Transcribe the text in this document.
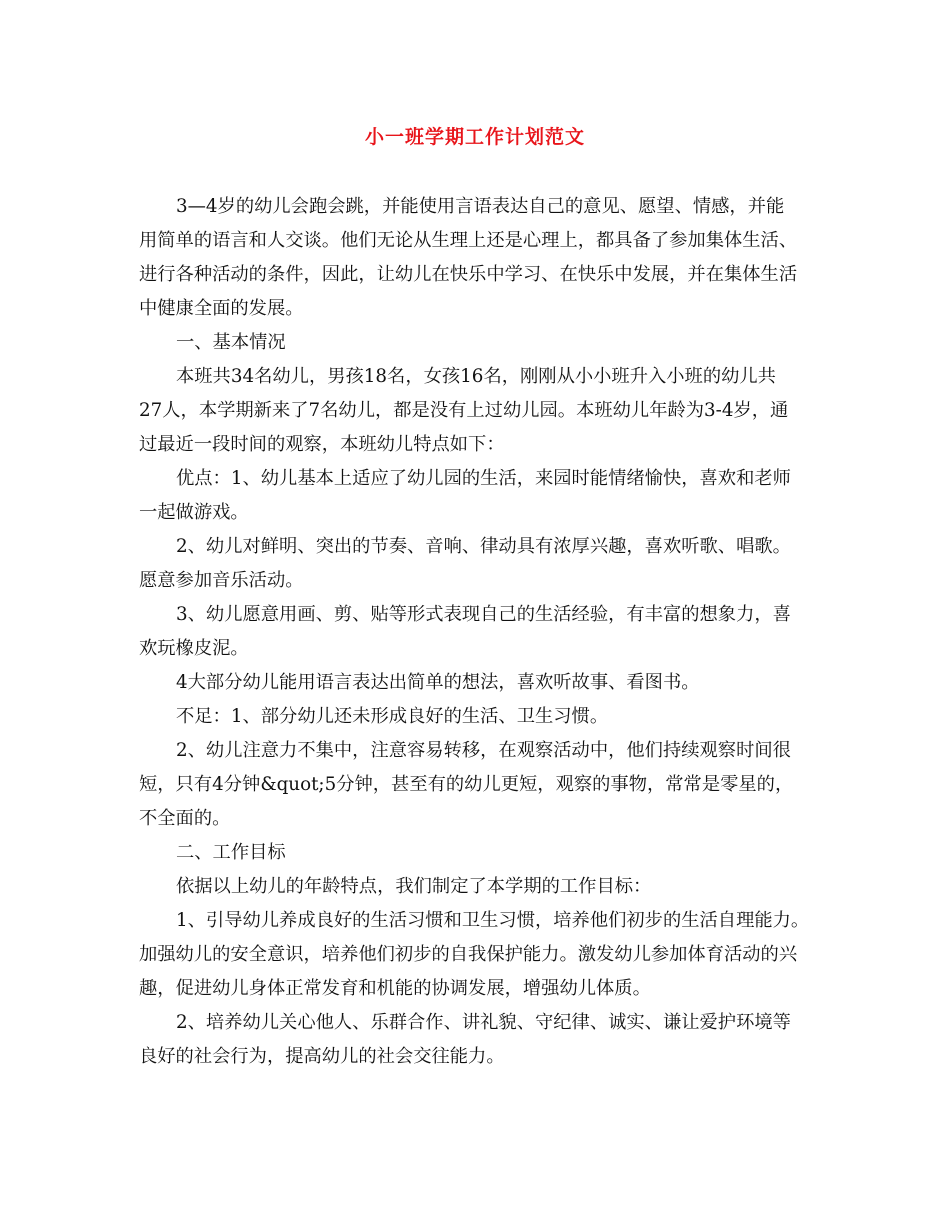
小一班学期工作计划范文
3—4岁的幼儿会跑会跳，并能使用言语表达自己的意见、愿望、情感，并能
用简单的语言和人交谈。他们无论从生理上还是心理上，都具备了参加集体生活、
进行各种活动的条件，因此，让幼儿在快乐中学习、在快乐中发展，并在集体生活
中健康全面的发展。
一、基本情况
本班共34名幼儿，男孩18名，女孩16名，刚刚从小小班升入小班的幼儿共
27人，本学期新来了7名幼儿，都是没有上过幼儿园。本班幼儿年龄为3-4岁，通
过最近一段时间的观察，本班幼儿特点如下：
优点：1、幼儿基本上适应了幼儿园的生活，来园时能情绪愉快，喜欢和老师
一起做游戏。
2、幼儿对鲜明、突出的节奏、音响、律动具有浓厚兴趣，喜欢听歌、唱歌。
愿意参加音乐活动。
3、幼儿愿意用画、剪、贴等形式表现自己的生活经验，有丰富的想象力，喜
欢玩橡皮泥。
4大部分幼儿能用语言表达出简单的想法，喜欢听故事、看图书。
不足：1、部分幼儿还未形成良好的生活、卫生习惯。
2、幼儿注意力不集中，注意容易转移，在观察活动中，他们持续观察时间很
短，只有4分钟&quot;5分钟，甚至有的幼儿更短，观察的事物，常常是零星的，
不全面的。
二、工作目标
依据以上幼儿的年龄特点，我们制定了本学期的工作目标：
1、引导幼儿养成良好的生活习惯和卫生习惯，培养他们初步的生活自理能力。
加强幼儿的安全意识，培养他们初步的自我保护能力。激发幼儿参加体育活动的兴
趣，促进幼儿身体正常发育和机能的协调发展，增强幼儿体质。
2、培养幼儿关心他人、乐群合作、讲礼貌、守纪律、诚实、谦让爱护环境等
良好的社会行为，提高幼儿的社会交往能力。
